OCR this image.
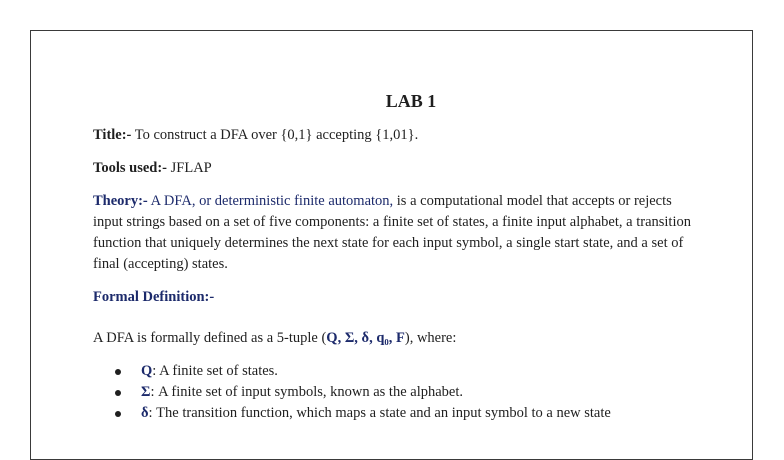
LAB 1

Title:- To construct a DFA over {0,1} accepting {1,01}.

Tools used:- JFLAP

Theory:- A DFA, or deterministic finite automaton, is a computational model that accepts or rejects input strings based on a set of five components: a finite set of states, a finite input alphabet, a transition function that uniquely determines the next state for each input symbol, a single start state, and a set of final (accepting) states.

Formal Definition:-

A DFA is formally defined as a 5-tuple (Q, Σ, δ, q₀, F), where:

Q: A finite set of states.
Σ: A finite set of input symbols, known as the alphabet.
δ: The transition function, which maps a state and an input symbol to a new state
